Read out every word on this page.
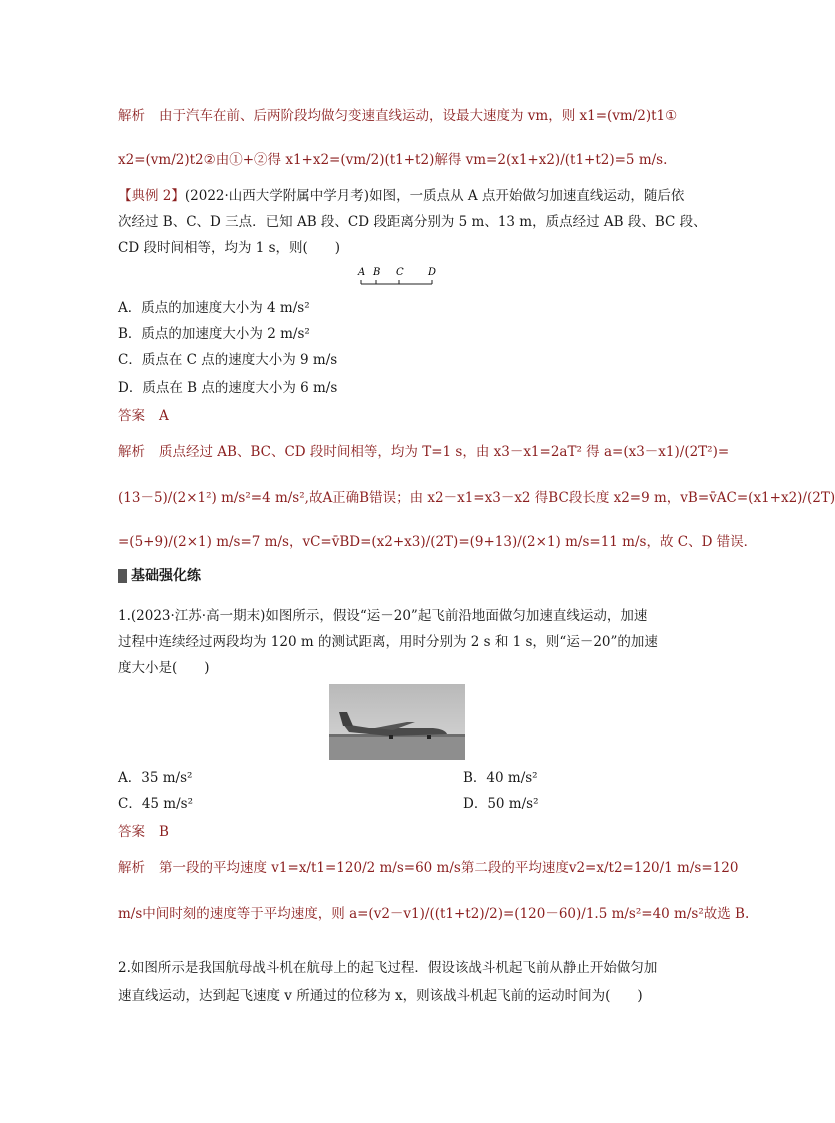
解析 由于汽车在前、后两阶段均做匀变速直线运动，设最大速度为 vm，则 x1=(vm/2)t1①
x2=(vm/2)t2②由①+②得 x1+x2=(vm/2)(t1+t2)解得 vm=2(x1+x2)/(t1+t2)=5 m/s.
【典例 2】(2022·山西大学附属中学月考)如图，一质点从 A 点开始做匀加速直线运动，随后依
次经过 B、C、D 三点．已知 AB 段、CD 段距离分别为 5 m、13 m，质点经过 AB 段、BC 段、
CD 段时间相等，均为 1 s，则(　　)
A B C D
A．质点的加速度大小为 4 m/s²
B．质点的加速度大小为 2 m/s²
C．质点在 C 点的速度大小为 9 m/s
D．质点在 B 点的速度大小为 6 m/s
答案 A
解析 质点经过 AB、BC、CD 段时间相等，均为 T=1 s，由 x3－x1=2aT² 得 a=(x3－x1)/(2T²)=
(13－5)/(2×1²) m/s²=4 m/s²,故A正确B错误；由 x2－x1=x3－x2 得BC段长度 x2=9 m，vB=v̄AC=(x1+x2)/(2T)
=(5+9)/(2×1) m/s=7 m/s，vC=v̄BD=(x2+x3)/(2T)=(9+13)/(2×1) m/s=11 m/s，故 C、D 错误．
基础强化练
1.(2023·江苏·高一期末)如图所示，假设“运－20”起飞前沿地面做匀加速直线运动，加速
过程中连续经过两段均为 120 m 的测试距离，用时分别为 2 s 和 1 s，则“运－20”的加速
度大小是(　　)
A．35 m/s²	B．40 m/s²
C．45 m/s²	D．50 m/s²
答案 B
解析 第一段的平均速度 v1=x/t1=120/2 m/s=60 m/s第二段的平均速度v2=x/t2=120/1 m/s=120
m/s中间时刻的速度等于平均速度，则 a=(v2－v1)/((t1+t2)/2)=(120－60)/1.5 m/s²=40 m/s²故选 B.
2.如图所示是我国航母战斗机在航母上的起飞过程．假设该战斗机起飞前从静止开始做匀加
速直线运动，达到起飞速度 v 所通过的位移为 x，则该战斗机起飞前的运动时间为(　　)
